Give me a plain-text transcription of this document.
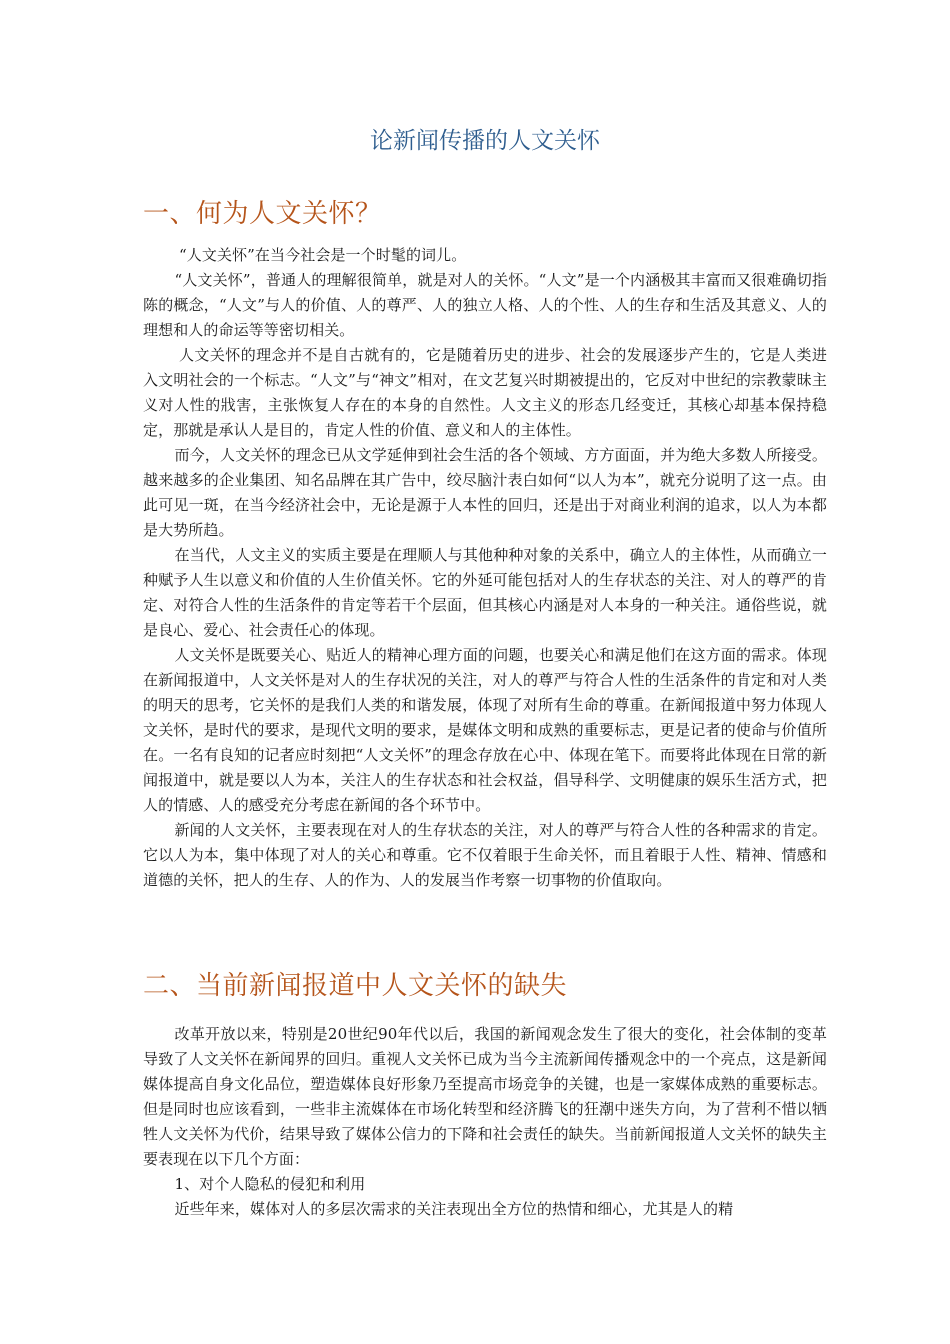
论新闻传播的人文关怀
一、何为人文关怀？

“人文关怀”在当今社会是一个时髦的词儿。

“人文关怀”，普通人的理解很简单，就是对人的关怀。“人文”是一个内涵极其丰富而又很难确切指陈的概念，“人文”与人的价值、人的尊严、人的独立人格、人的个性、人的生存和生活及其意义、人的理想和人的命运等等密切相关。

人文关怀的理念并不是自古就有的，它是随着历史的进步、社会的发展逐步产生的，它是人类进入文明社会的一个标志。“人文”与“神文”相对，在文艺复兴时期被提出的，它反对中世纪的宗教蒙昧主义对人性的戕害，主张恢复人存在的本身的自然性。人文主义的形态几经变迁，其核心却基本保持稳定，那就是承认人是目的，肯定人性的价值、意义和人的主体性。

而今，人文关怀的理念已从文学延伸到社会生活的各个领域、方方面面，并为绝大多数人所接受。越来越多的企业集团、知名品牌在其广告中，绞尽脑汁表白如何“以人为本”，就充分说明了这一点。由此可见一斑，在当今经济社会中，无论是源于人本性的回归，还是出于对商业利润的追求，以人为本都是大势所趋。

在当代，人文主义的实质主要是在理顺人与其他种种对象的关系中，确立人的主体性，从而确立一种赋予人生以意义和价值的人生价值关怀。它的外延可能包括对人的生存状态的关注、对人的尊严的肯定、对符合人性的生活条件的肯定等若干个层面，但其核心内涵是对人本身的一种关注。通俗些说，就是良心、爱心、社会责任心的体现。

人文关怀是既要关心、贴近人的精神心理方面的问题，也要关心和满足他们在这方面的需求。体现在新闻报道中，人文关怀是对人的生存状况的关注，对人的尊严与符合人性的生活条件的肯定和对人类的明天的思考，它关怀的是我们人类的和谐发展，体现了对所有生命的尊重。在新闻报道中努力体现人文关怀，是时代的要求，是现代文明的要求，是媒体文明和成熟的重要标志，更是记者的使命与价值所在。一名有良知的记者应时刻把“人文关怀”的理念存放在心中、体现在笔下。而要将此体现在日常的新闻报道中，就是要以人为本，关注人的生存状态和社会权益，倡导科学、文明健康的娱乐生活方式，把人的情感、人的感受充分考虑在新闻的各个环节中。

新闻的人文关怀，主要表现在对人的生存状态的关注，对人的尊严与符合人性的各种需求的肯定。它以人为本，集中体现了对人的关心和尊重。它不仅着眼于生命关怀，而且着眼于人性、精神、情感和道德的关怀，把人的生存、人的作为、人的发展当作考察一切事物的价值取向。

二、当前新闻报道中人文关怀的缺失

改革开放以来，特别是20世纪90年代以后，我国的新闻观念发生了很大的变化，社会体制的变革导致了人文关怀在新闻界的回归。重视人文关怀已成为当今主流新闻传播观念中的一个亮点，这是新闻媒体提高自身文化品位，塑造媒体良好形象乃至提高市场竞争的关键，也是一家媒体成熟的重要标志。但是同时也应该看到，一些非主流媒体在市场化转型和经济腾飞的狂潮中迷失方向，为了营利不惜以牺牲人文关怀为代价，结果导致了媒体公信力的下降和社会责任的缺失。当前新闻报道人文关怀的缺失主要表现在以下几个方面：

1、对个人隐私的侵犯和利用

近些年来，媒体对人的多层次需求的关注表现出全方位的热情和细心，尤其是人的精
